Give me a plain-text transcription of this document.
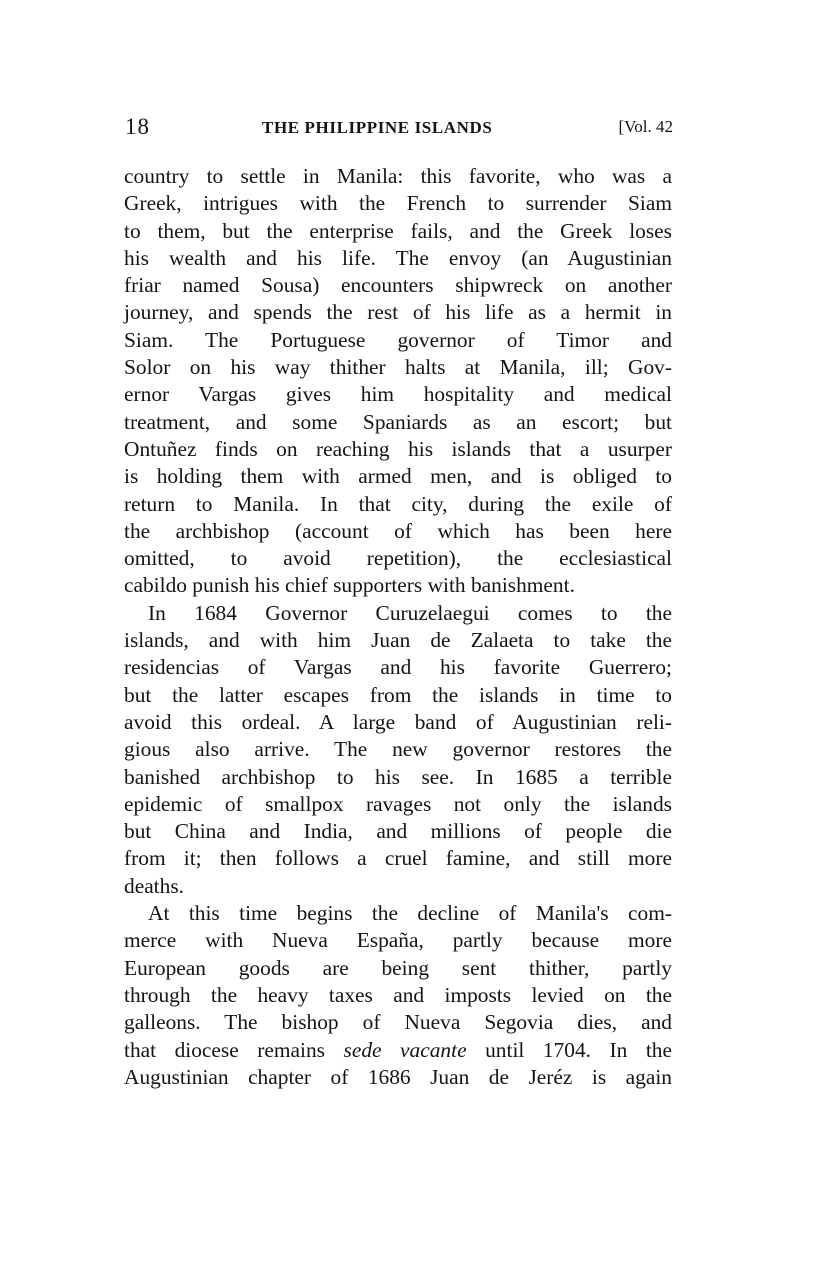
18	THE PHILIPPINE ISLANDS	[Vol. 42
country to settle in Manila: this favorite, who was a
Greek, intrigues with the French to surrender Siam
to them, but the enterprise fails, and the Greek loses
his wealth and his life. The envoy (an Augustinian
friar named Sousa) encounters shipwreck on another
journey, and spends the rest of his life as a hermit in
Siam. The Portuguese governor of Timor and
Solor on his way thither halts at Manila, ill; Gov-
ernor Vargas gives him hospitality and medical
treatment, and some Spaniards as an escort; but
Ontuñez finds on reaching his islands that a usurper
is holding them with armed men, and is obliged to
return to Manila. In that city, during the exile of
the archbishop (account of which has been here
omitted, to avoid repetition), the ecclesiastical
cabildo punish his chief supporters with banishment.
In 1684 Governor Curuzelaegui comes to the
islands, and with him Juan de Zalaeta to take the
residencias of Vargas and his favorite Guerrero;
but the latter escapes from the islands in time to
avoid this ordeal. A large band of Augustinian reli-
gious also arrive. The new governor restores the
banished archbishop to his see. In 1685 a terrible
epidemic of smallpox ravages not only the islands
but China and India, and millions of people die
from it; then follows a cruel famine, and still more
deaths.
At this time begins the decline of Manila's com-
merce with Nueva España, partly because more
European goods are being sent thither, partly
through the heavy taxes and imposts levied on the
galleons. The bishop of Nueva Segovia dies, and
that diocese remains sede vacante until 1704. In the
Augustinian chapter of 1686 Juan de Jeréz is again
